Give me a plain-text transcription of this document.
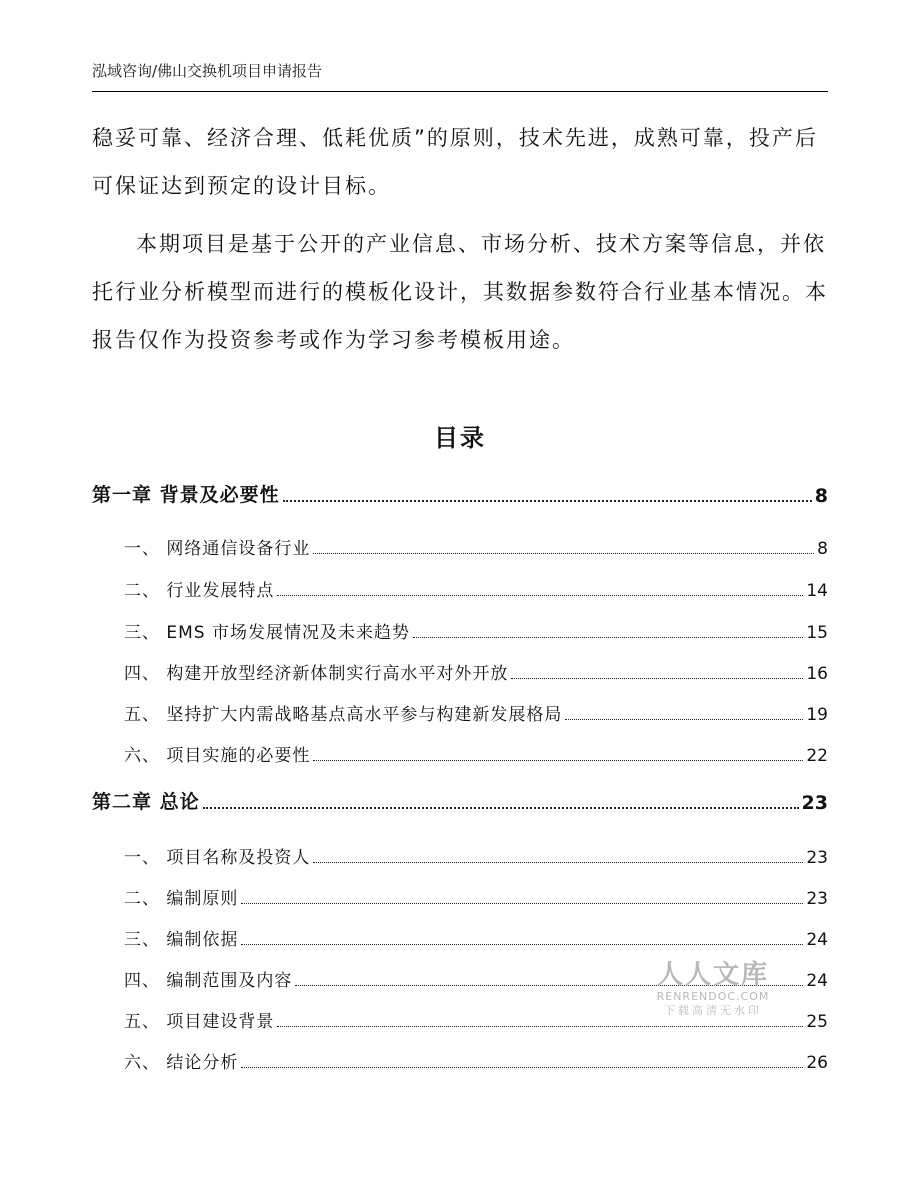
泓域咨询/佛山交换机项目申请报告
稳妥可靠、经济合理、低耗优质”的原则，技术先进，成熟可靠，投产后可保证达到预定的设计目标。
本期项目是基于公开的产业信息、市场分析、技术方案等信息，并依托行业分析模型而进行的模板化设计，其数据参数符合行业基本情况。本报告仅作为投资参考或作为学习参考模板用途。
目录
第一章 背景及必要性	8
一、 网络通信设备行业	8
二、 行业发展特点	14
三、 EMS 市场发展情况及未来趋势	15
四、 构建开放型经济新体制实行高水平对外开放	16
五、 坚持扩大内需战略基点高水平参与构建新发展格局	19
六、 项目实施的必要性	22
第二章 总论	23
一、 项目名称及投资人	23
二、 编制原则	23
三、 编制依据	24
四、 编制范围及内容	24
五、 项目建设背景	25
六、 结论分析	26
人人文库
RENRENDOC.COM
下载高清无水印
